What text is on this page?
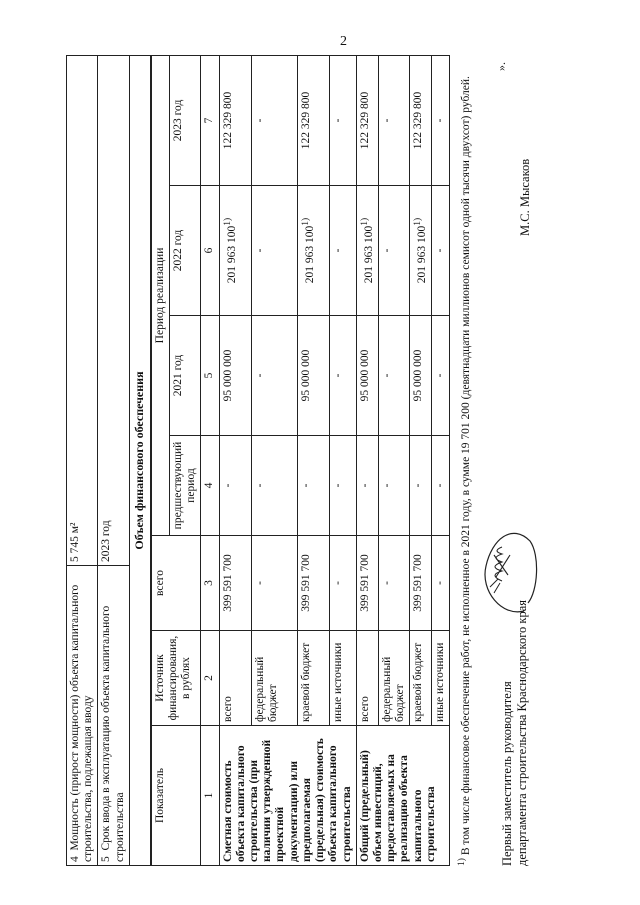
2
4  Мощность (прирост мощности) объекта капитального строительства, подлежащая вводу	5 745 м²
5  Срок ввода в эксплуатацию объекта капитального строительства	2023 год
Объем финансового обеспечения	
Показатель	Источник финансирования, в рублях	всего	Период реализации			
			предшествующий период	2021 год	2022 год	2023 год
1	2	3	4	5	6	7
Сметная стоимость объекта капитального строительства (при наличии утвержденной проектной документации) или предполагаемая (предельная) стоимость объекта капитального строительства	всего	399 591 700	-	95 000 000	201 963 100$^{1)}$	122 329 800
	федеральный бюджет	-	-	-	-	-
	краевой бюджет	399 591 700	-	95 000 000	201 963 100$^{1)}$	122 329 800
	иные источники	-	-	-	-	-
Общий (предельный) объем инвестиций, предоставляемых на реализацию объекта капитального строительства	всего	399 591 700	-	95 000 000	201 963 100$^{1)}$	122 329 800
	федеральный бюджет	-	-	-	-	-
	краевой бюджет	399 591 700	-	95 000 000	201 963 100$^{1)}$	122 329 800
	иные источники	-	-	-	-	-
$^{1)}$ В том числе финансовое обеспечение работ, не исполненное в 2021 году, в сумме 19 701 200 (девятнадцати миллионов семисот одной тысячи двухсот) рублей.
».
Первый заместитель руководителя департамента строительства Краснодарского края
М.С. Мысаков
